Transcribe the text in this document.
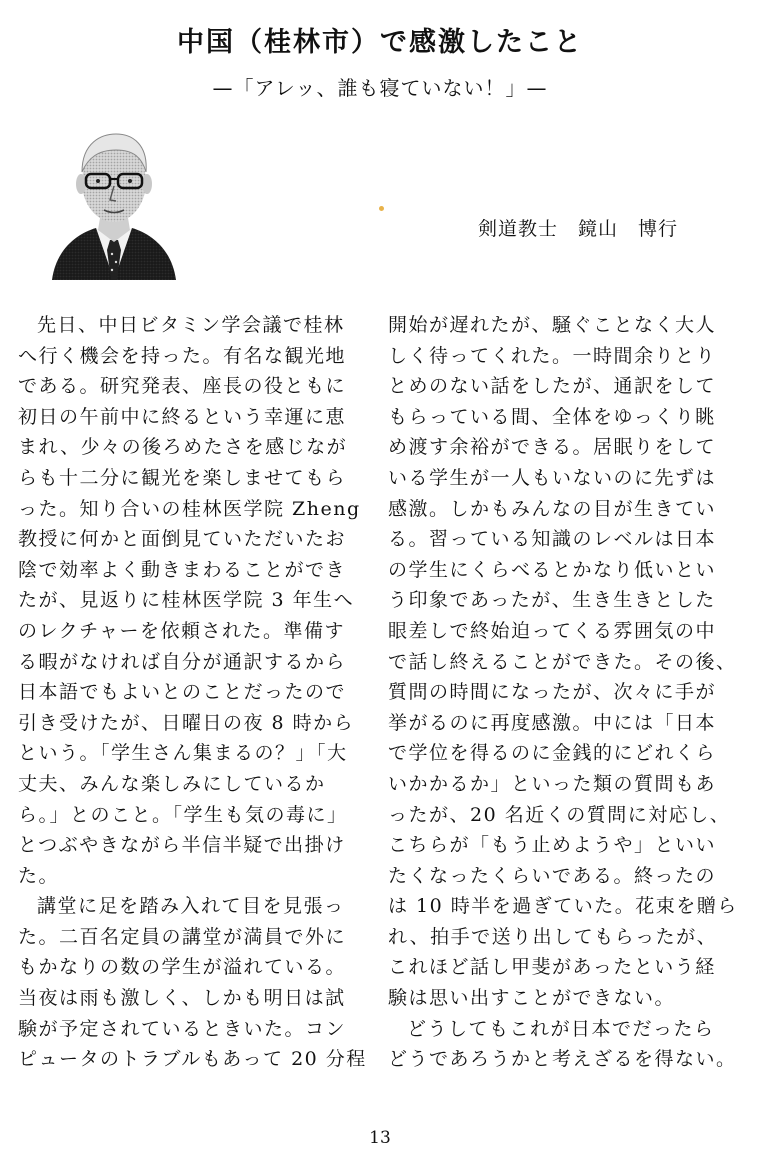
中国（桂林市）で感激したこと
—「アレッ、誰も寝ていない！」—
剣道教士 鏡山　博行
先日、中日ビタミン学会議で桂林
へ行く機会を持った。有名な観光地
である。研究発表、座長の役ともに
初日の午前中に終るという幸運に恵
まれ、少々の後ろめたさを感じなが
らも十二分に観光を楽しませてもら
った。知り合いの桂林医学院 Zheng
教授に何かと面倒見ていただいたお
陰で効率よく動きまわることができ
たが、見返りに桂林医学院 3 年生へ
のレクチャーを依頼された。準備す
る暇がなければ自分が通訳するから
日本語でもよいとのことだったので
引き受けたが、日曜日の夜 8 時から
という。「学生さん集まるの？」「大
丈夫、みんな楽しみにしているか
ら。」とのこと。「学生も気の毒に」
とつぶやきながら半信半疑で出掛け
た。
講堂に足を踏み入れて目を見張っ
た。二百名定員の講堂が満員で外に
もかなりの数の学生が溢れている。
当夜は雨も激しく、しかも明日は試
験が予定されているときいた。コン
ピュータのトラブルもあって 20 分程
開始が遅れたが、騒ぐことなく大人
しく待ってくれた。一時間余りとり
とめのない話をしたが、通訳をして
もらっている間、全体をゆっくり眺
め渡す余裕ができる。居眠りをして
いる学生が一人もいないのに先ずは
感激。しかもみんなの目が生きてい
る。習っている知識のレベルは日本
の学生にくらべるとかなり低いとい
う印象であったが、生き生きとした
眼差しで終始迫ってくる雰囲気の中
で話し終えることができた。その後、
質問の時間になったが、次々に手が
挙がるのに再度感激。中には「日本
で学位を得るのに金銭的にどれくら
いかかるか」といった類の質問もあ
ったが、20 名近くの質問に対応し、
こちらが「もう止めようや」といい
たくなったくらいである。終ったの
は 10 時半を過ぎていた。花束を贈ら
れ、拍手で送り出してもらったが、
これほど話し甲斐があったという経
験は思い出すことができない。
どうしてもこれが日本でだったら
どうであろうかと考えざるを得ない。
13
